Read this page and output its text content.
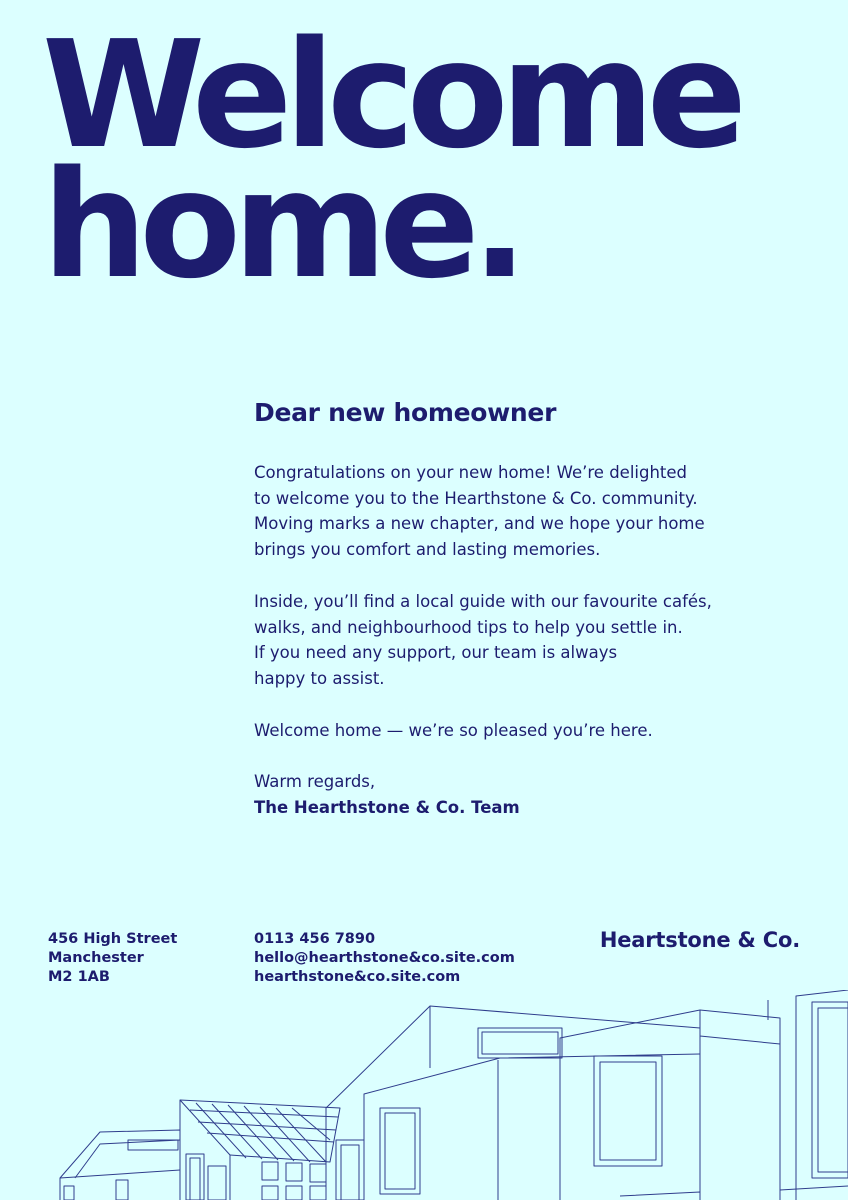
Welcome
home.
Dear new homeowner

Congratulations on your new home! We’re delighted
to welcome you to the Hearthstone & Co. community.
Moving marks a new chapter, and we hope your home
brings you comfort and lasting memories.

Inside, you’ll find a local guide with our favourite cafés,
walks, and neighbourhood tips to help you settle in.
If you need any support, our team is always
happy to assist.

Welcome home — we’re so pleased you’re here.

Warm regards,
The Hearthstone & Co. Team

456 High Street
Manchester
M2 1AB
0113 456 7890
hello@hearthstone&co.site.com
hearthstone&co.site.com
Heartstone & Co.
